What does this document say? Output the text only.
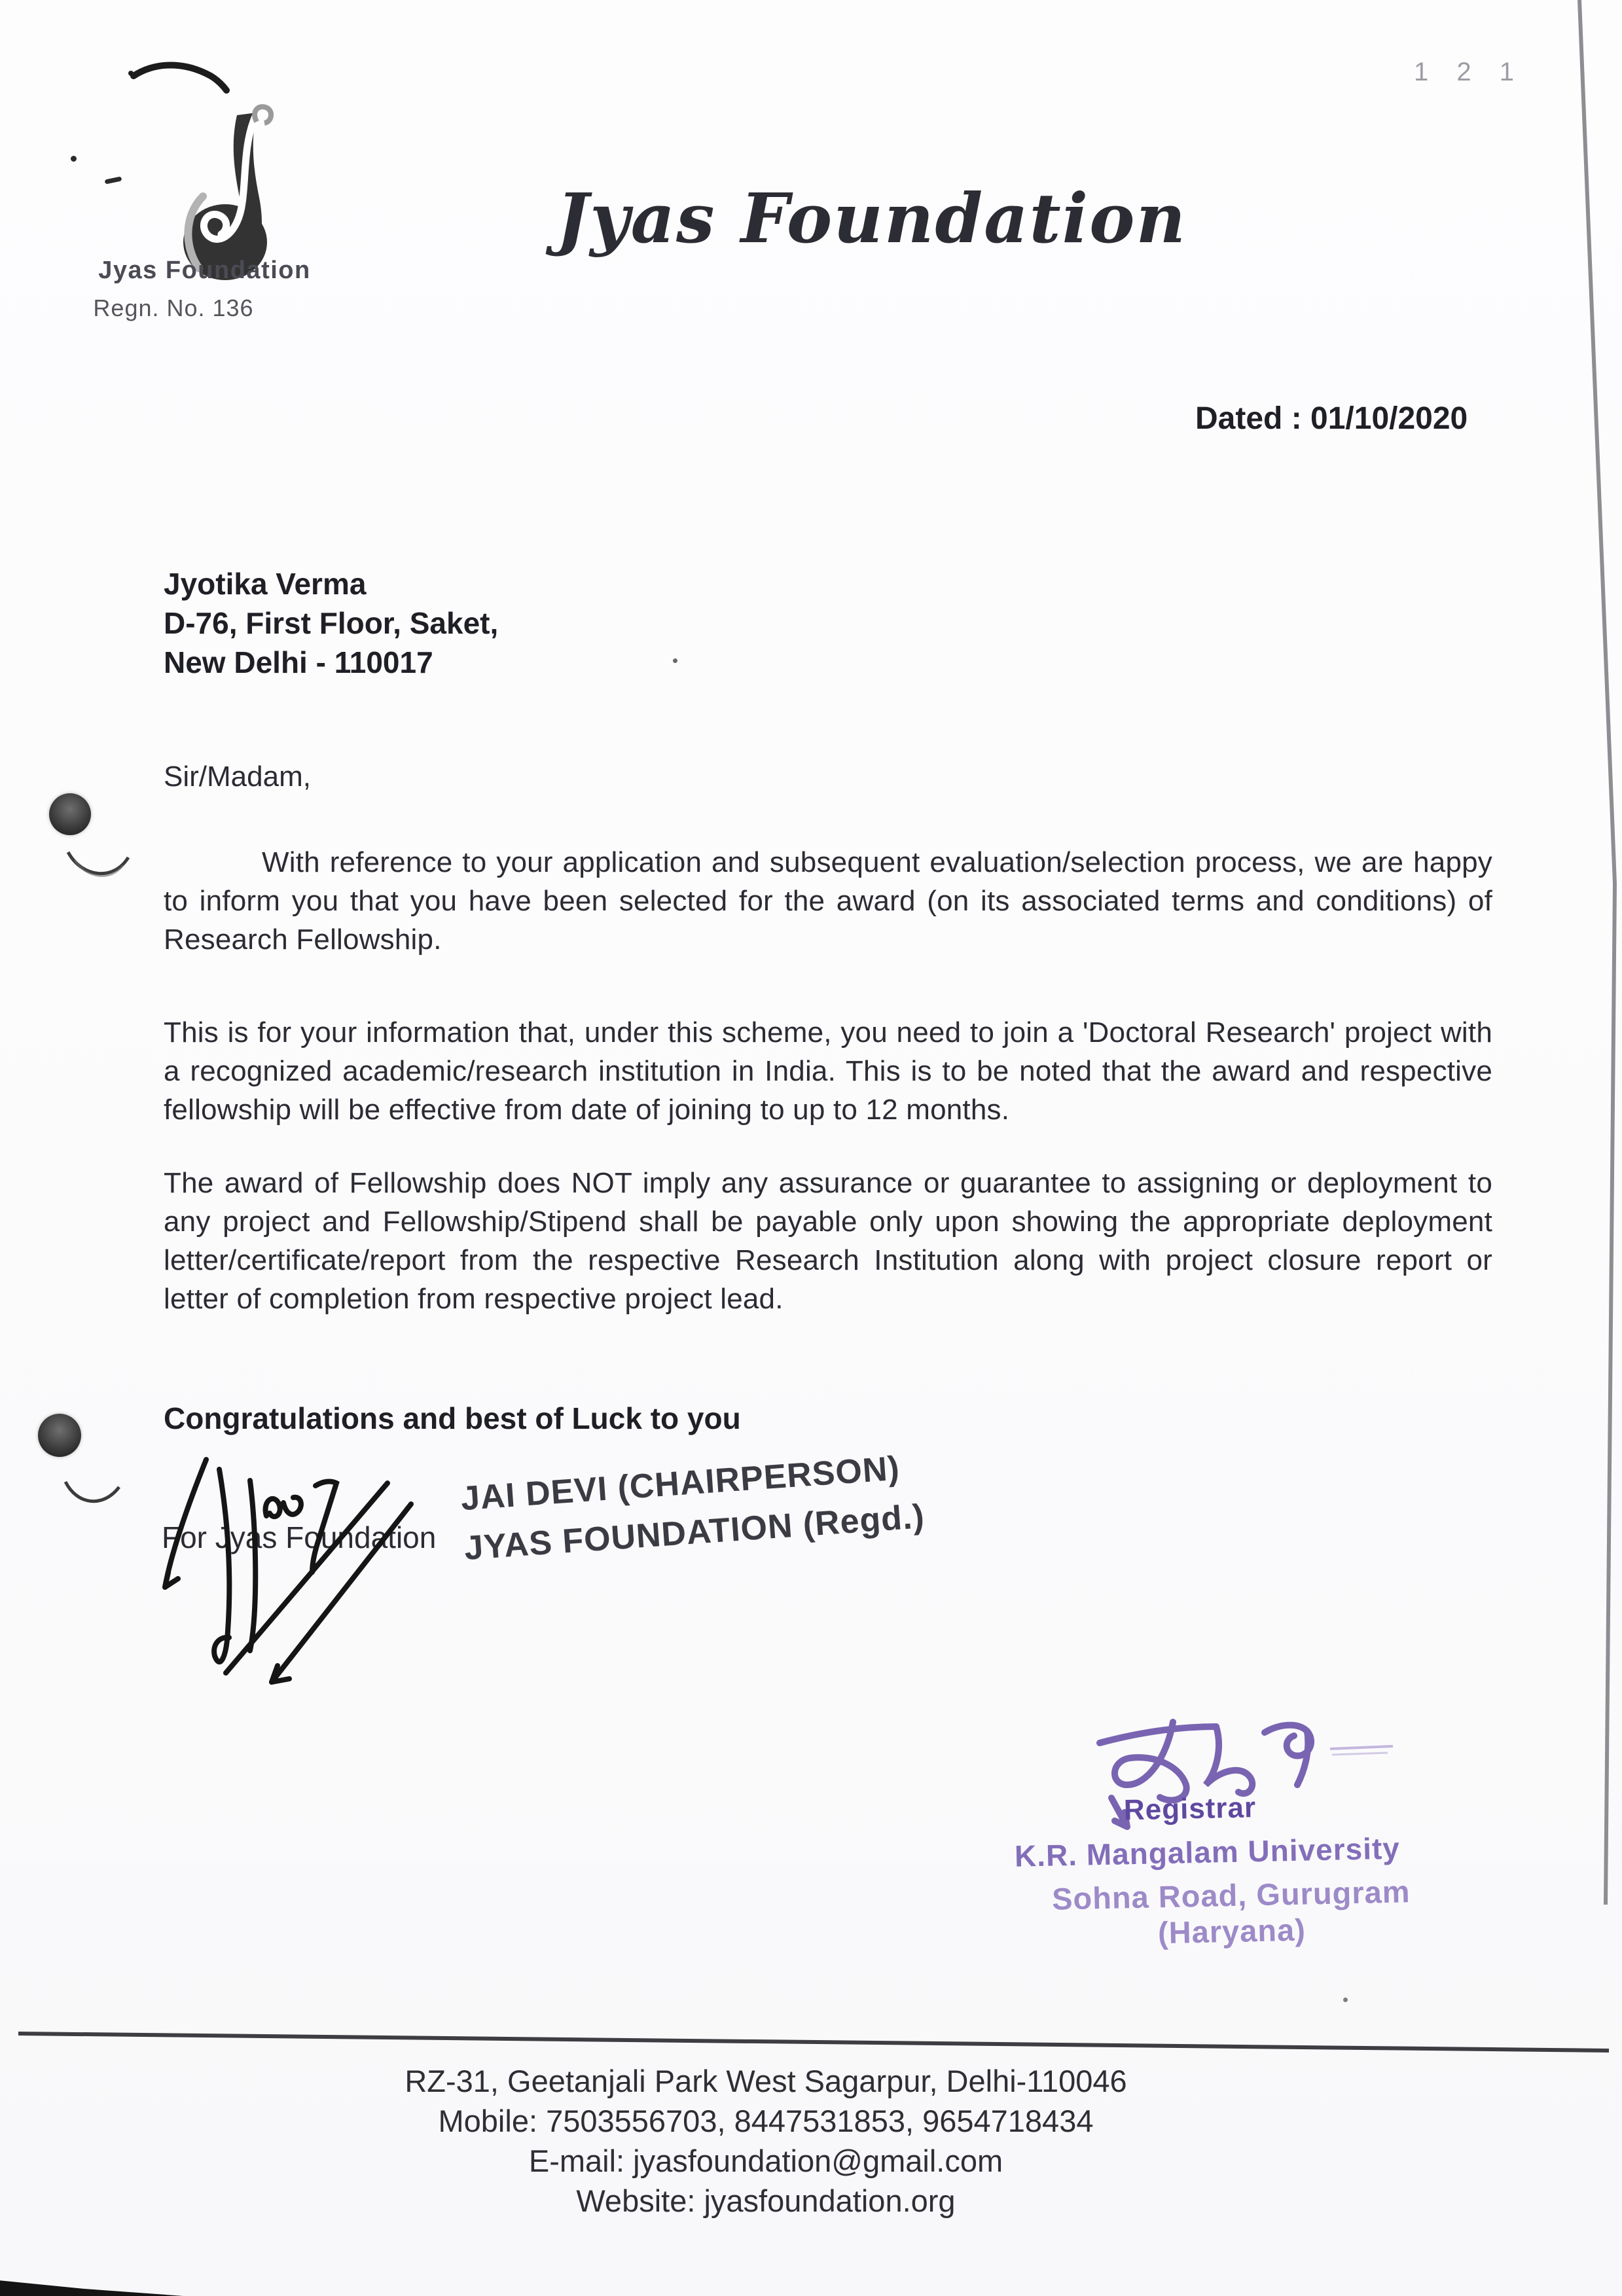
Jyas Foundation
Regn. No. 136
Jyas Foundation
1 2 1
Dated : 01/10/2020
Jyotika Verma
D-76, First Floor, Saket,
New Delhi - 110017
Sir/Madam,
With reference to your application and subsequent evaluation/selection process, we are happy to inform you that you have been selected for the award (on its associated terms and conditions) of Research Fellowship.
This is for your information that, under this scheme, you need to join a 'Doctoral Research' project with a recognized academic/research institution in India. This is to be noted that the award and respective fellowship will be effective from date of joining to up to 12 months.
The award of Fellowship does NOT imply any assurance or guarantee to assigning or deployment to any project and Fellowship/Stipend shall be payable only upon showing the appropriate deployment letter/certificate/report from the respective Research Institution along with project closure report or letter of completion from respective project lead.
Congratulations and best of Luck to you
For Jyas Foundation
JAI DEVI (CHAIRPERSON)
JYAS FOUNDATION (Regd.)
Registrar
K.R. Mangalam University
Sohna Road, Gurugram (Haryana)
RZ-31, Geetanjali Park West Sagarpur, Delhi-110046
Mobile: 7503556703, 8447531853, 9654718434
E-mail: jyasfoundation@gmail.com
Website: jyasfoundation.org
